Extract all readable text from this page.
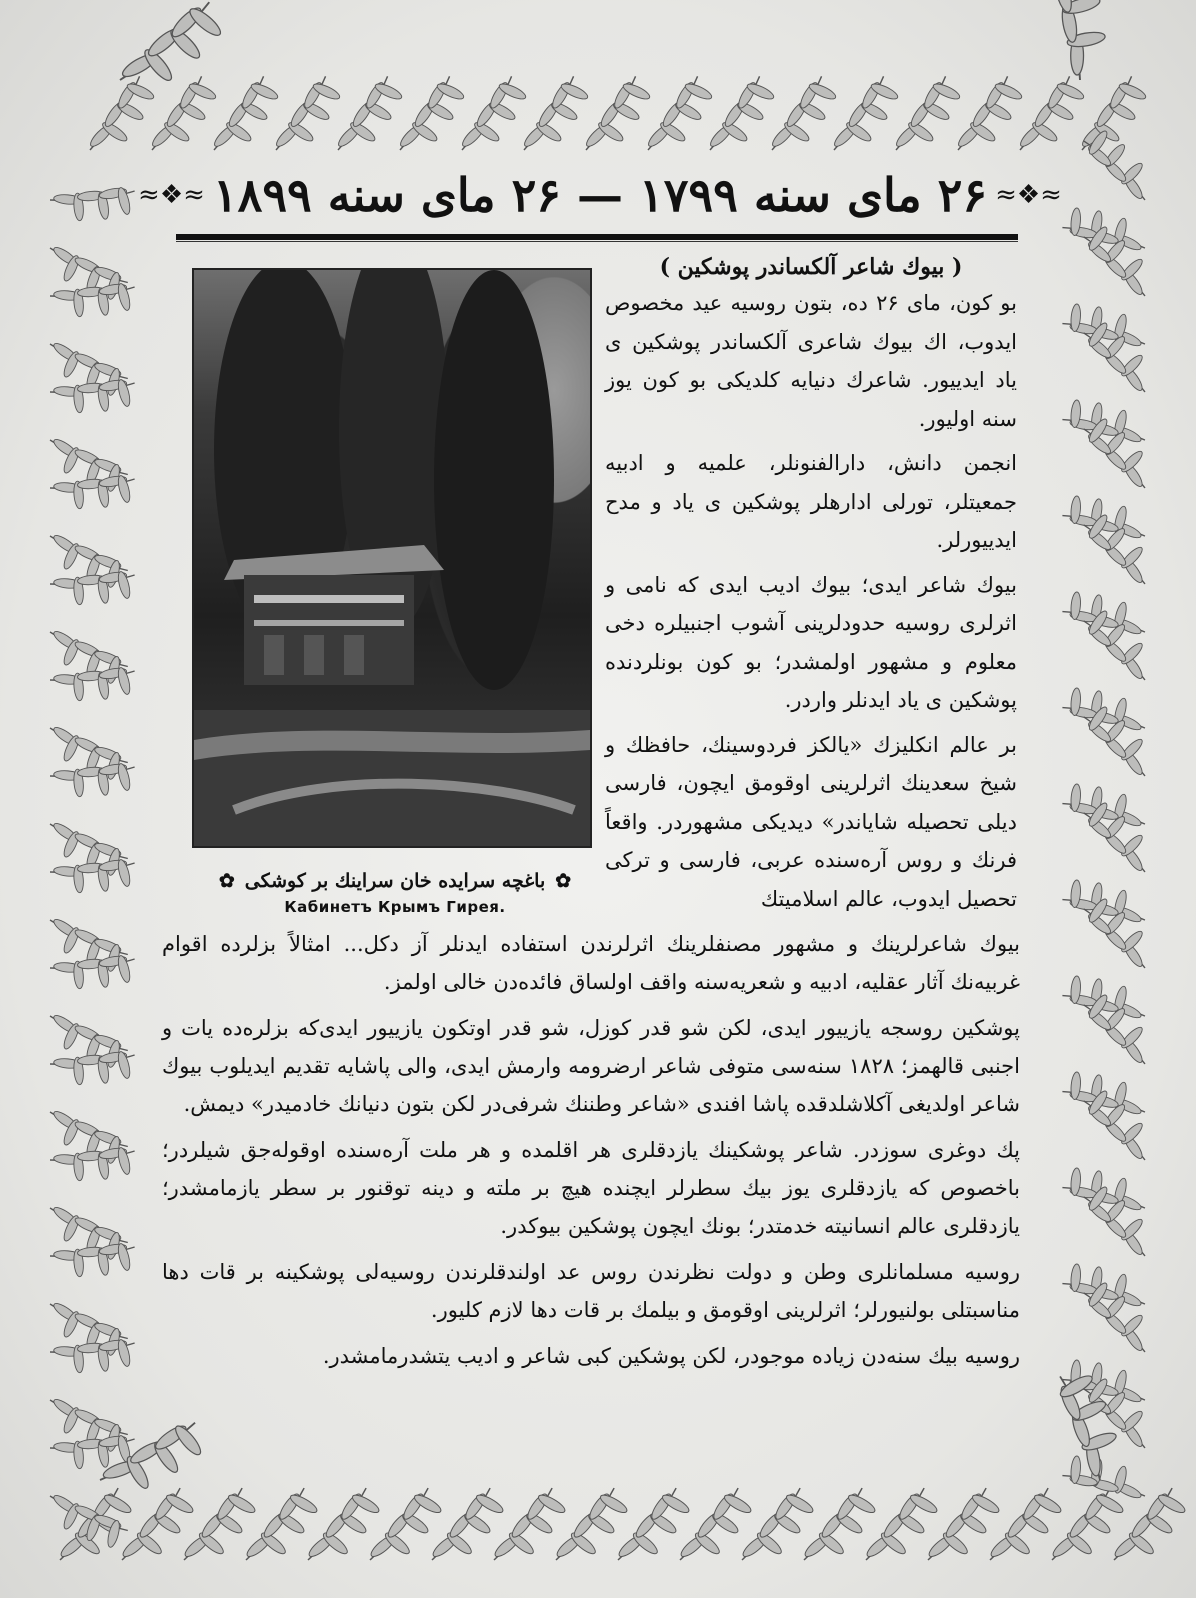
≈❖≈
۲۶ مای سنه ۱۷۹۹ — ۲۶ مای سنه ۱۸۹۹
≈❖≈
✿
باغچه سرایده خان سراینك بر كوشكی
✿
Кабинетъ Крымъ Гирея.
( بیوك شاعر آلكساندر پوشكین )

بو كون، مای ۲۶ ده، بتون روسیه عید مخصوص ایدوب، اك بیوك شاعری آلكساندر پوشكین ی یاد ایدییور. شاعرك دنیایه كلدیكی بو كون یوز سنه اولیور.

انجمن دانش، دارالفنونلر، علمیه و ادبیه جمعیتلر، تورلی ادارهلر پوشكین ی یاد و مدح ایدییورلر.

بیوك شاعر ایدی؛ بیوك ادیب ایدی كه نامی و اثرلری روسیه حدودلرینی آشوب اجنبیلره دخی معلوم و مشهور اولمشدر؛ بو كون بونلردنده پوشكین ی یاد ایدنلر واردر.

بر عالم انكلیزك «یالكز فردوسینك، حافظك و شیخ سعدینك اثرلرینی اوقومق ایچون، فارسی دیلی تحصیله شایاندر» دیدیكی مشهوردر. واقعاً فرنك و روس آره‌سنده عربی، فارسی و تركی تحصیل ایدوب، عالم اسلامیتك

بیوك شاعرلرینك و مشهور مصنفلرینك اثرلرندن استفاده ایدنلر آز دكل... امثالاً بزلرده اقوام غربیه‌نك آثار عقلیه، ادبیه و شعریه‌سنه واقف اولساق فائده‌دن خالی اولمز.

پوشكین روسجه یازییور ایدی، لكن شو قدر كوزل، شو قدر اوتكون یازییور ایدی‌كه بزلره‌ده یات و اجنبی قالهمز؛ ۱۸۲۸ سنه‌سی متوفی شاعر ارضرومه وارمش ایدی، والی پاشایه تقدیم ایدیلوب بیوك شاعر اولدیغی آكلاشلدقده پاشا افندی «شاعر وطننك شرفی‌در لكن بتون دنیانك خادمیدر» دیمش.

پك دوغری سوزدر. شاعر پوشكینك یازدقلری هر اقلمده و هر ملت آره‌سنده اوقوله‌جق شیلردر؛ باخصوص كه یازدقلری یوز بیك سطرلر ایچنده هیچ بر ملته و دینه توقنور بر سطر یازمامشدر؛ یازدقلری عالم انسانیته خدمتدر؛ بونك ایچون پوشكین بیوكدر.

روسیه مسلمانلری وطن و دولت نظرندن روس عد اولندقلرندن روسیه‌لی پوشكینه بر قات دها مناسبتلی بولنیورلر؛ اثرلرینی اوقومق و بیلمك بر قات دها لازم كلیور.

روسیه بیك سنه‌دن زیاده موجودر، لكن پوشكین كبی شاعر و ادیب یتشدرمامشدر.
